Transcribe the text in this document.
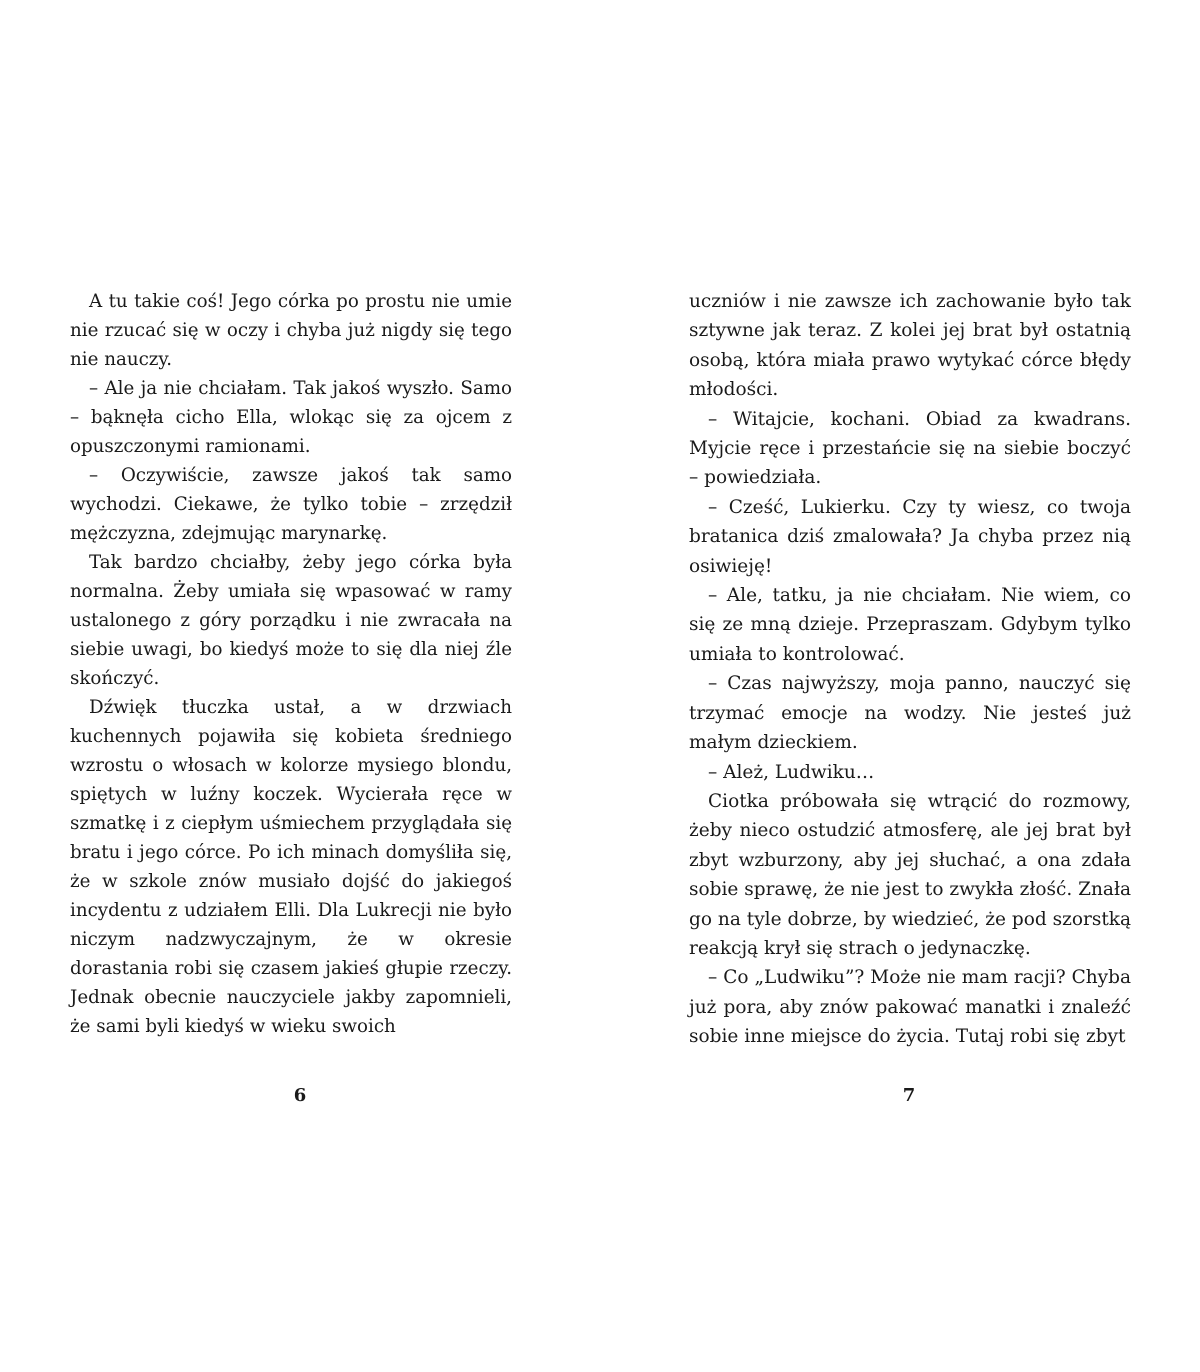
A tu takie coś! Jego córka po prostu nie umie nie rzucać się w oczy i chyba już nigdy się tego nie nauczy.

– Ale ja nie chciałam. Tak jakoś wyszło. Samo – bąknęła cicho Ella, wlokąc się za ojcem z opuszczonymi ramionami.

– Oczywiście, zawsze jakoś tak samo wychodzi. Ciekawe, że tylko tobie – zrzędził mężczyzna, zdejmując marynarkę.

Tak bardzo chciałby, żeby jego córka była normalna. Żeby umiała się wpasować w ramy ustalonego z góry porządku i nie zwracała na siebie uwagi, bo kiedyś może to się dla niej źle skończyć.

Dźwięk tłuczka ustał, a w drzwiach kuchennych pojawiła się kobieta średniego wzrostu o włosach w kolorze mysiego blondu, spiętych w luźny koczek. Wycierała ręce w szmatkę i z ciepłym uśmiechem przyglądała się bratu i jego córce. Po ich minach domyśliła się, że w szkole znów musiało dojść do jakiegoś incydentu z udziałem Elli. Dla Lukrecji nie było niczym nadzwyczajnym, że w okresie dorastania robi się czasem jakieś głupie rzeczy. Jednak obecnie nauczyciele jakby zapomnieli, że sami byli kiedyś w wieku swoich

6

uczniów i nie zawsze ich zachowanie było tak sztywne jak teraz. Z kolei jej brat był ostatnią osobą, która miała prawo wytykać córce błędy młodości.

– Witajcie, kochani. Obiad za kwadrans. Myjcie ręce i przestańcie się na siebie boczyć – powiedziała.

– Cześć, Lukierku. Czy ty wiesz, co twoja bratanica dziś zmalowała? Ja chyba przez nią osiwieję!

– Ale, tatku, ja nie chciałam. Nie wiem, co się ze mną dzieje. Przepraszam. Gdybym tylko umiała to kontrolować.

– Czas najwyższy, moja panno, nauczyć się trzymać emocje na wodzy. Nie jesteś już małym dzieckiem.

– Ależ, Ludwiku…

Ciotka próbowała się wtrącić do rozmowy, żeby nieco ostudzić atmosferę, ale jej brat był zbyt wzburzony, aby jej słuchać, a ona zdała sobie sprawę, że nie jest to zwykła złość. Znała go na tyle dobrze, by wiedzieć, że pod szorstką reakcją krył się strach o jedynaczkę.

– Co „Ludwiku”? Może nie mam racji? Chyba już pora, aby znów pakować manatki i znaleźć sobie inne miejsce do życia. Tutaj robi się zbyt

7
